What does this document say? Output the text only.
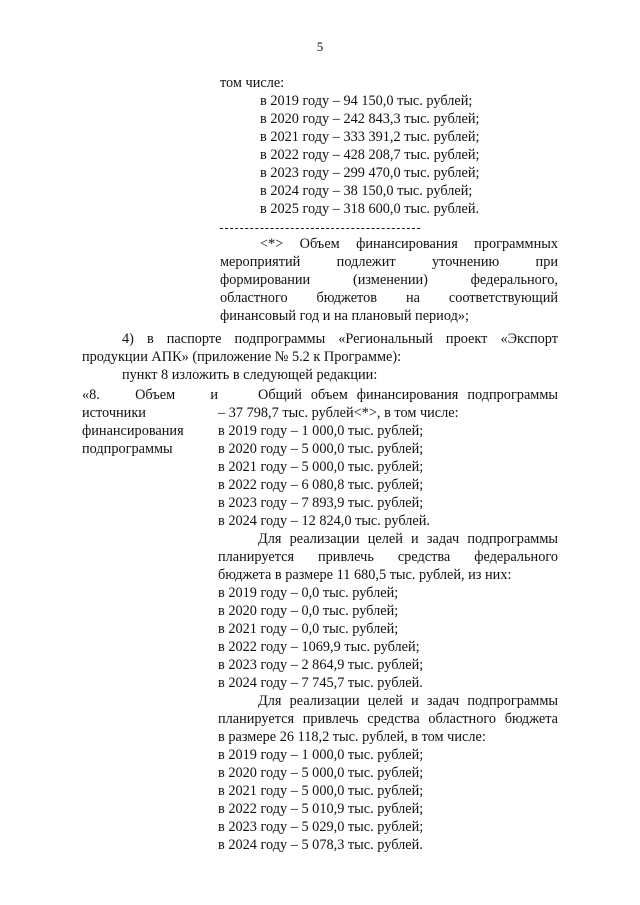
5
том числе:
в 2019 году – 94 150,0 тыс. рублей;
в 2020 году – 242 843,3 тыс. рублей;
в 2021 году – 333 391,2 тыс. рублей;
в 2022 году – 428 208,7 тыс. рублей;
в 2023 году – 299 470,0 тыс. рублей;
в 2024 году – 38 150,0 тыс. рублей;
в 2025 году – 318 600,0 тыс. рублей.
<*> Объем финансирования программных
мероприятий подлежит уточнению при
формировании (изменении) федерального,
областного бюджетов на соответствующий
финансовый год и на плановый период»;
4) в паспорте подпрограммы «Региональный проект «Экспорт
продукции АПК» (приложение № 5.2 к Программе):
пункт 8 изложить в следующей редакции:
«8. Объем и
источники
финансирования
подпрограммы
Общий объем финансирования подпрограммы
– 37 798,7 тыс. рублей<*>, в том числе:
в 2019 году – 1 000,0 тыс. рублей;
в 2020 году – 5 000,0 тыс. рублей;
в 2021 году – 5 000,0 тыс. рублей;
в 2022 году – 6 080,8 тыс. рублей;
в 2023 году – 7 893,9 тыс. рублей;
в 2024 году – 12 824,0 тыс. рублей.
Для реализации целей и задач подпрограммы
планируется привлечь средства федерального
бюджета в размере 11 680,5 тыс. рублей, из них:
в 2019 году – 0,0 тыс. рублей;
в 2020 году – 0,0 тыс. рублей;
в 2021 году – 0,0 тыс. рублей;
в 2022 году – 1069,9 тыс. рублей;
в 2023 году – 2 864,9 тыс. рублей;
в 2024 году – 7 745,7 тыс. рублей.
Для реализации целей и задач подпрограммы
планируется привлечь средства областного бюджета
в размере 26 118,2 тыс. рублей, в том числе:
в 2019 году – 1 000,0 тыс. рублей;
в 2020 году – 5 000,0 тыс. рублей;
в 2021 году – 5 000,0 тыс. рублей;
в 2022 году – 5 010,9 тыс. рублей;
в 2023 году – 5 029,0 тыс. рублей;
в 2024 году – 5 078,3 тыс. рублей.
